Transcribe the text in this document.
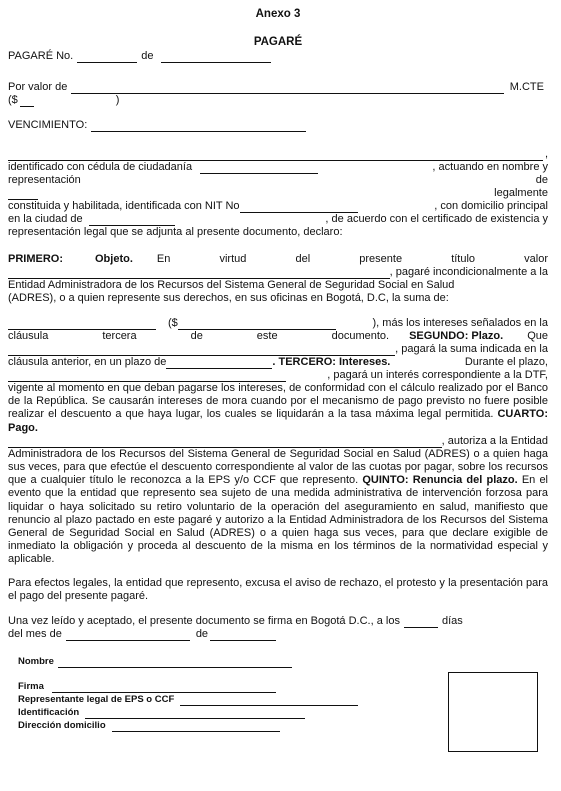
Anexo 3
PAGARÉ
PAGARÉ No.	de
Por valor de	M.CTE
($	)
VENCIMIENTO:
,
identificado con cédula de ciudadanía	, actuando en nombre y
representación	de
legalmente
constituida y habilitada, identificada con NIT No	, con domicilio principal
en la ciudad de	, de acuerdo con el certificado de existencia y
representación legal que se adjunta al presente documento, declaro:
PRIMERO:	Objeto. En virtud del presente título valor
, pagaré incondicionalmente a la
Entidad Administradora de los Recursos del Sistema General de Seguridad Social en Salud
(ADRES), o a quien represente sus derechos, en sus oficinas en Bogotá, D.C, la suma de:
($	), más los intereses señalados en la
cláusula tercera de este documento. SEGUNDO: Plazo. Que
, pagará la suma indicada en la
cláusula anterior, en un plazo de	. TERCERO: Intereses.	Durante el plazo,
, pagará un interés correspondiente a la DTF,
vigente al momento en que deban pagarse los intereses, de conformidad con el cálculo realizado por el Banco de la República. Se causarán intereses de mora cuando por el mecanismo de pago previsto no fuere posible realizar el descuento a que haya lugar, los cuales se liquidarán a la tasa máxima legal permitida. CUARTO: Pago.
, autoriza a la Entidad
Administradora de los Recursos del Sistema General de Seguridad Social en Salud (ADRES) o a quien haga sus veces, para que efectúe el descuento correspondiente al valor de las cuotas por pagar, sobre los recursos que a cualquier título le reconozca a la EPS y/o CCF que represento. QUINTO: Renuncia del plazo. En el evento que la entidad que represento sea sujeto de una medida administrativa de intervención forzosa para liquidar o haya solicitado su retiro voluntario de la operación del aseguramiento en salud, manifiesto que renuncio al plazo pactado en este pagaré y autorizo a la Entidad Administradora de los Recursos del Sistema General de Seguridad Social en Salud (ADRES) o a quien haga sus veces, para que declare exigible de inmediato la obligación y proceda al descuento de la misma en los términos de la normatividad especial y aplicable.
Para efectos legales, la entidad que represento, excusa el aviso de rechazo, el protesto y la presentación para el pago del presente pagaré.
Una vez leído y aceptado, el presente documento se firma en Bogotá D.C., a los	días
del mes de	de
Nombre
Firma
Representante legal de EPS o CCF
Identificación
Dirección domicilio
